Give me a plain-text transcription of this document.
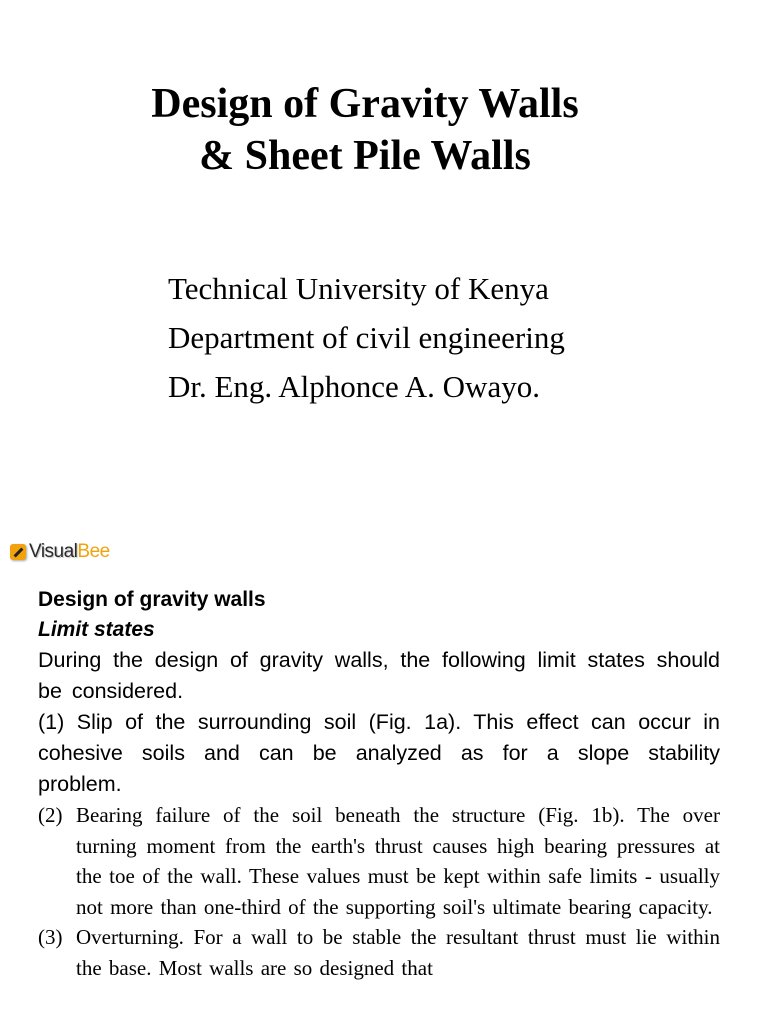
Design of Gravity Walls
& Sheet Pile Walls
Technical University of Kenya
Department of civil engineering
Dr. Eng. Alphonce A. Owayo.
Visual Bee
Design of gravity walls
Limit states
During the design of gravity walls, the following limit states should be considered.
(1) Slip of the surrounding soil (Fig. 1a). This effect can occur in cohesive soils and can be analyzed as for a slope stability problem.
(2) Bearing failure of the soil beneath the structure (Fig. 1b). The over turning moment from the earth's thrust causes high bearing pressures at the toe of the wall. These values must be kept within safe limits - usually not more than one-third of the supporting soil's ultimate bearing capacity.
(3) Overturning. For a wall to be stable the resultant thrust must lie within the base. Most walls are so designed that
